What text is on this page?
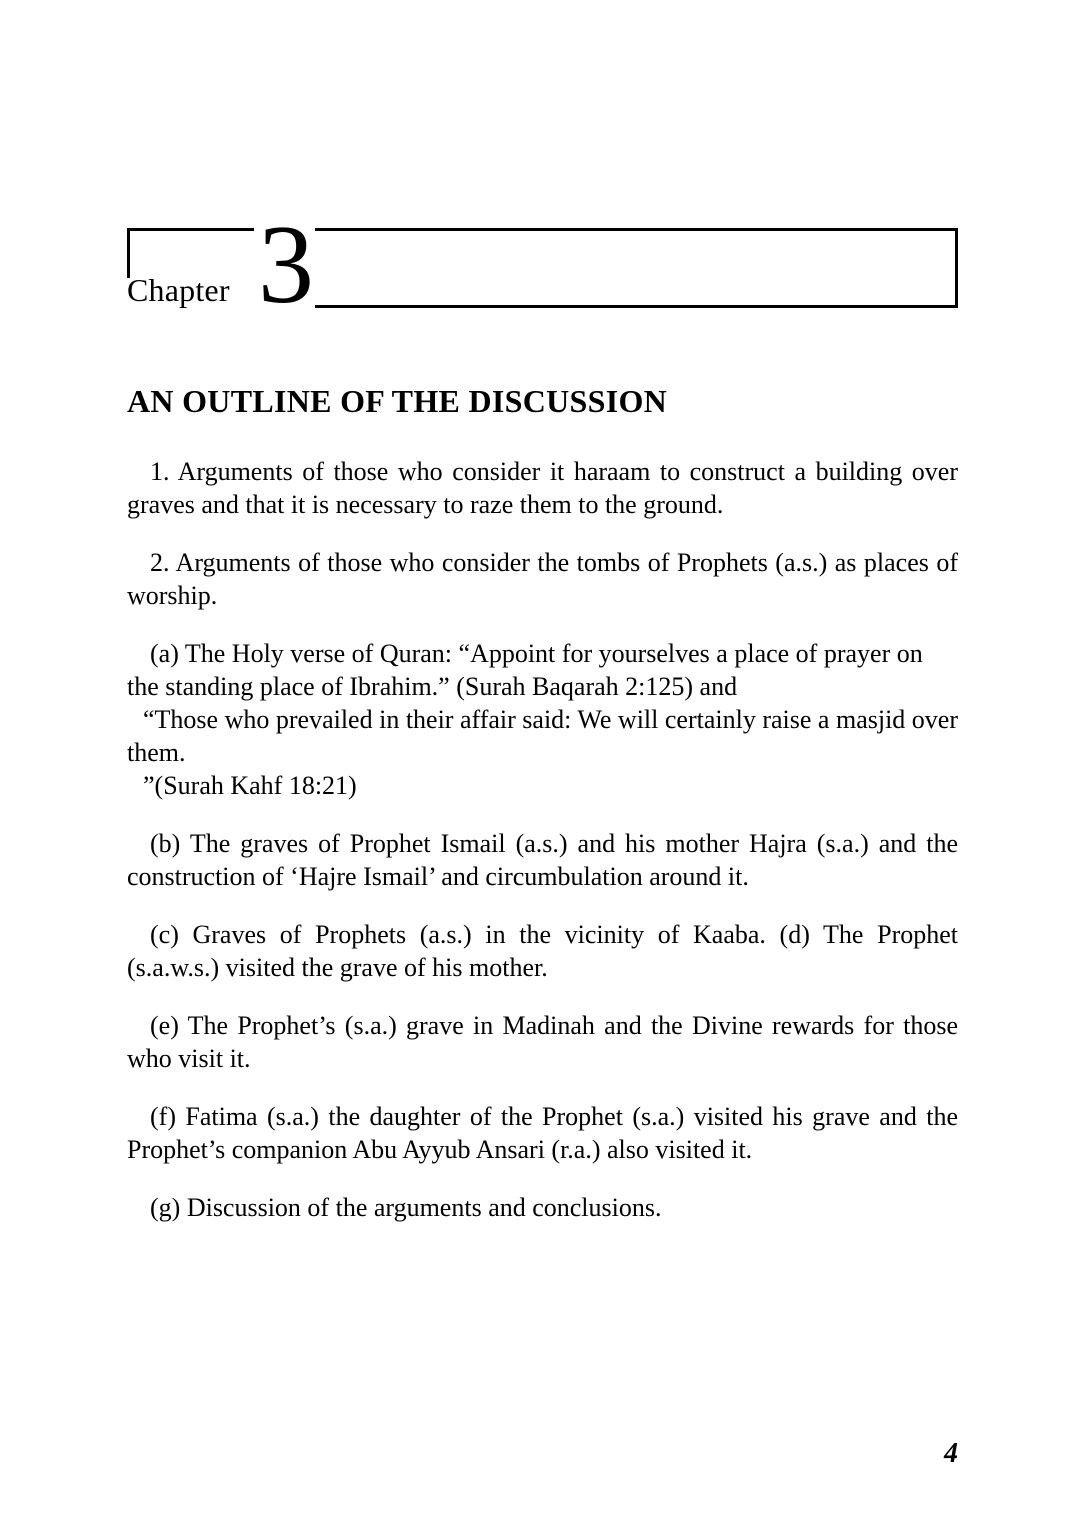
Chapter 3
AN OUTLINE OF THE DISCUSSION

1. Arguments of those who consider it haraam to construct a building over graves and that it is necessary to raze them to the ground.

2. Arguments of those who consider the tombs of Prophets (a.s.) as places of worship.

(a) The Holy verse of Quran: “Appoint for yourselves a place of prayer on the standing place of Ibrahim.” (Surah Baqarah 2:125) and

“Those who prevailed in their affair said: We will certainly raise a masjid over them.

”(Surah Kahf 18:21)

(b) The graves of Prophet Ismail (a.s.) and his mother Hajra (s.a.) and the construction of ‘Hajre Ismail’ and circumbulation around it.

(c) Graves of Prophets (a.s.) in the vicinity of Kaaba. (d) The Prophet (s.a.w.s.) visited the grave of his mother.

(e) The Prophet’s (s.a.) grave in Madinah and the Divine rewards for those who visit it.

(f) Fatima (s.a.) the daughter of the Prophet (s.a.) visited his grave and the Prophet’s companion Abu Ayyub Ansari (r.a.) also visited it.

(g) Discussion of the arguments and conclusions.

4
